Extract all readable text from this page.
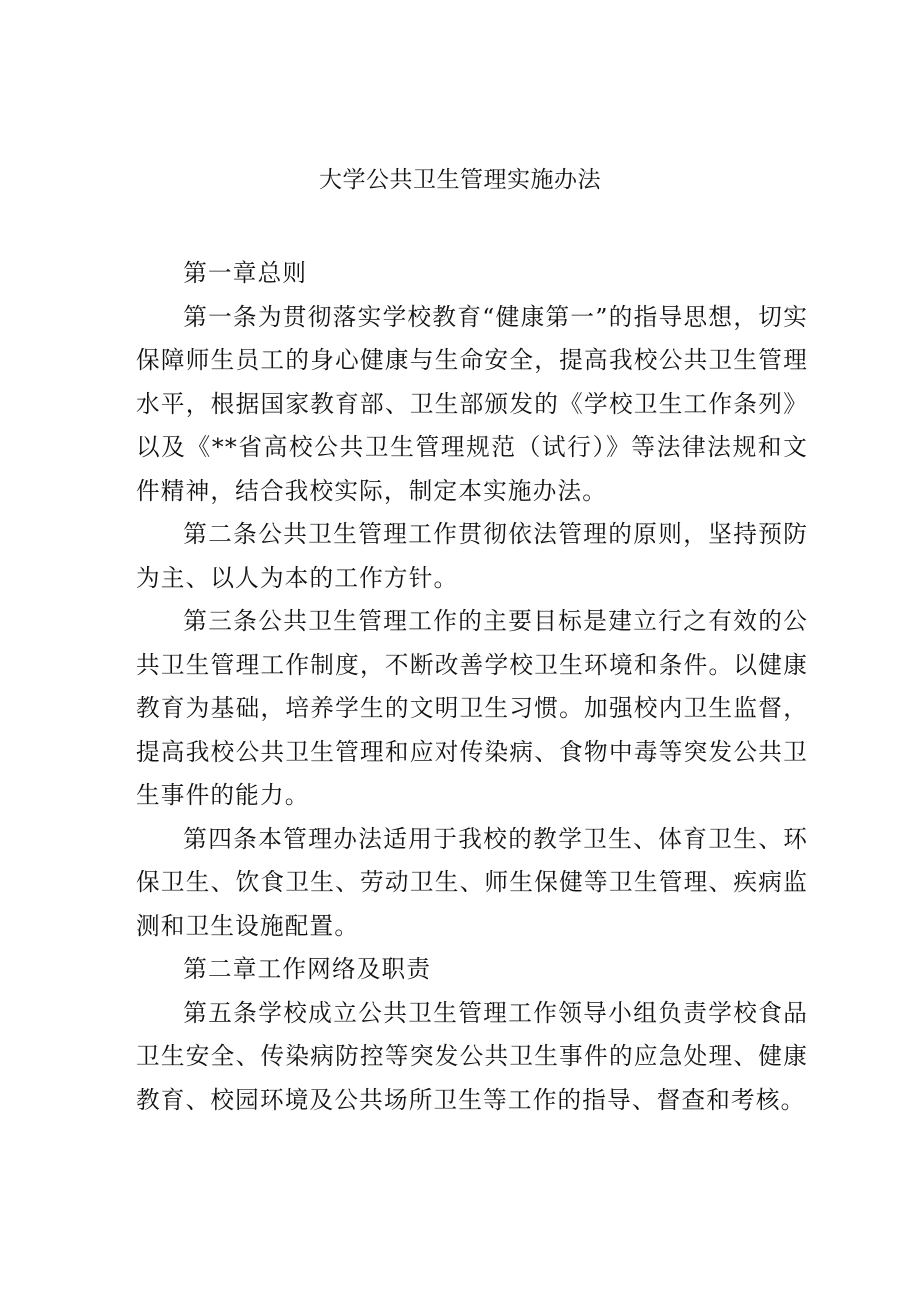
大学公共卫生管理实施办法

第一章总则

第一条为贯彻落实学校教育“健康第一”的指导思想，切实保障师生员工的身心健康与生命安全，提高我校公共卫生管理水平，根据国家教育部、卫生部颁发的《学校卫生工作条列》以及《**省高校公共卫生管理规范（试行）》等法律法规和文件精神，结合我校实际，制定本实施办法。

第二条公共卫生管理工作贯彻依法管理的原则，坚持预防为主、以人为本的工作方针。

第三条公共卫生管理工作的主要目标是建立行之有效的公共卫生管理工作制度，不断改善学校卫生环境和条件。以健康教育为基础，培养学生的文明卫生习惯。加强校内卫生监督，提高我校公共卫生管理和应对传染病、食物中毒等突发公共卫生事件的能力。

第四条本管理办法适用于我校的教学卫生、体育卫生、环保卫生、饮食卫生、劳动卫生、师生保健等卫生管理、疾病监测和卫生设施配置。

第二章工作网络及职责

第五条学校成立公共卫生管理工作领导小组负责学校食品卫生安全、传染病防控等突发公共卫生事件的应急处理、健康教育、校园环境及公共场所卫生等工作的指导、督查和考核。
